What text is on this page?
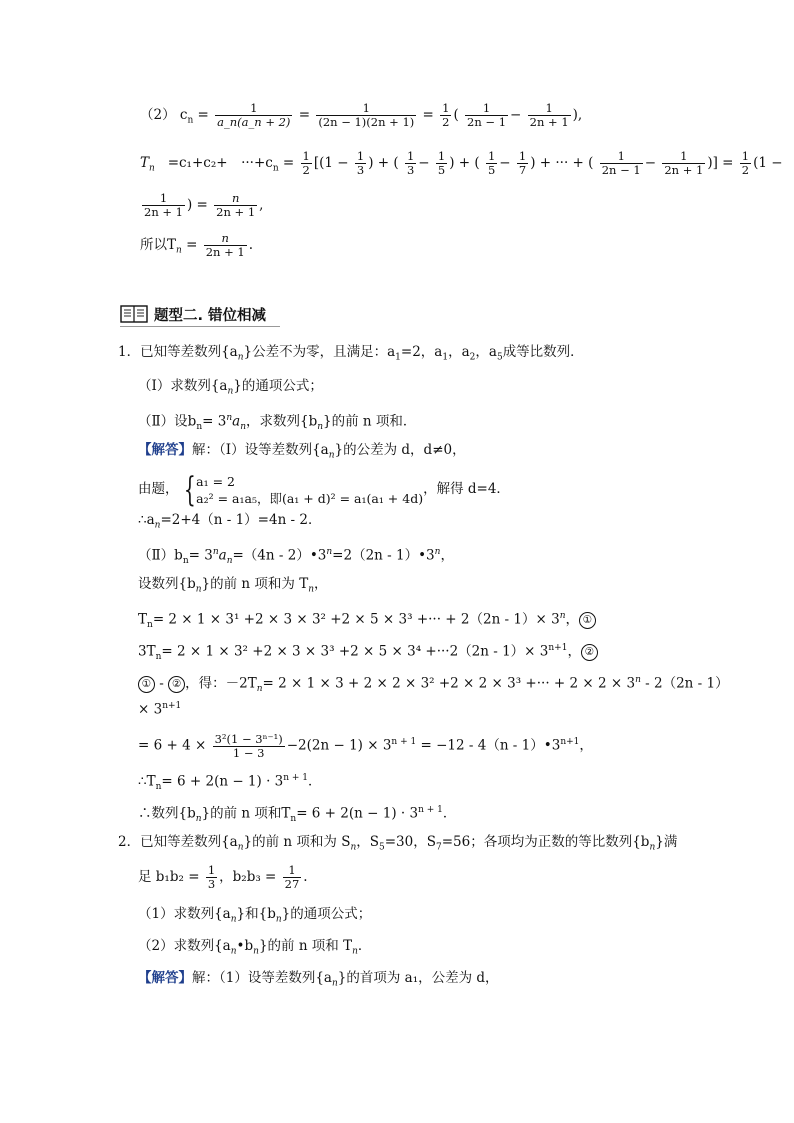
（2） $c_n = \frac{1}{a\_n(a\_n + 2)} = \frac{1}{(2n - 1)(2n + 1)} = \frac{1}{2}$ ( $\frac{1}{2n - 1} - \frac{1}{2n + 1}$ ),
$T_n =c_1+c_2+$　$\cdot\cdot\cdot+c_n = \frac{1}{2} [(1 - \frac{1}{3}$ ) + ( $\frac{1}{3} - \frac{1}{5}$ ) + ( $\frac{1}{5} - \frac{1}{7}$ ) + ··· + ( $\frac{1}{2n - 1} - \frac{1}{2n + 1}$ )] = $\frac{1}{2} (1$ −
$\frac{1}{2n + 1}$ ) = $\frac{n}{2n + 1}$ ,
所以$T_n = \frac{n}{2n + 1}$ .
题型二. 错位相减
1．已知等差数列$\{a_n\}$公差不为零，且满足：$a_1=2$，$a_1$，$a_2$，$a_5$成等比数列．
（Ⅰ）求数列$\{a_n\}$的通项公式；
（Ⅱ）设$b_n= 3^na_n$，求数列$\{b_n\}$的前 n 项和．
【解答】解：（Ⅰ）设等差数列$\{a_n\}$的公差为 d，d≠0，
由题， {a₁ = 2
a₂² = a₁a₅，即(a₁ + d)² = a₁(a₁ + 4d)，解得 d=4．
$\therefore a_n=2+4(n - 1)=4n - 2$．
$(Ⅱ)b_n= 3^na_n=(4n$ - $2)•3^n=2(2n$ - 1）•3$^n$，
设数列$\{b_n\}$的前 n 项和为 $T_n$，
$T_n= 2 \times 1 \times 3^1 +2 \times 3 \times 3^2 +2 \times 5 \times 3^3$ +··· + $2(2n - 1)\times 3^n$， ①
$3T_n= 2 \times 1 \times 3^2 +2 \times 3 \times 3^3 +2 \times 5 \times 3^4 +\cdot\cdot\cdot 2(2n - 1)\times 3^{n+1}$， ②
① - ② ，得：$-2T_n= 2 \times 1 \times 3 + 2 \times 2 \times 3^2 +2 \times 2 \times 3^3$ +··· + $2 \times 2 \times 3^n - 2(2n - 1)$
× $3^{n+1}$
= $6 + 4 \times \frac{\text{3²(1 − 3ⁿ⁻¹)}}{1 - 3} -2(2n - 1) \times 3^{n + 1} = -12 - 4(n$ - $1)•3^{n+1}$，
$\therefore T_n= 6 + 2(n - 1) \cdot 3^{n + 1}$．
∴数列$\{b_n\}$的前 n 项和$T_n= 6 + 2(n - 1) \cdot 3^{n + 1}$．
2．已知等差数列$\{a_n\}$的前 n 项和为 $S_n$，$S_5=30$，$S_7=56$；各项均为正数的等比数列$\{b_n\}$满
足 $b_1b_2 = \frac{1}{3}$ ，$b_2b_3 = \frac{1}{27}$ .
（1）求数列$\{a_n\}$和$\{b_n\}$的通项公式；
（2）求数列$\{a_n•b_n\}$的前 n 项和 $T_n$．
【解答】解：（1）设等差数列$\{a_n\}$的首项为 a₁，公差为 d，
